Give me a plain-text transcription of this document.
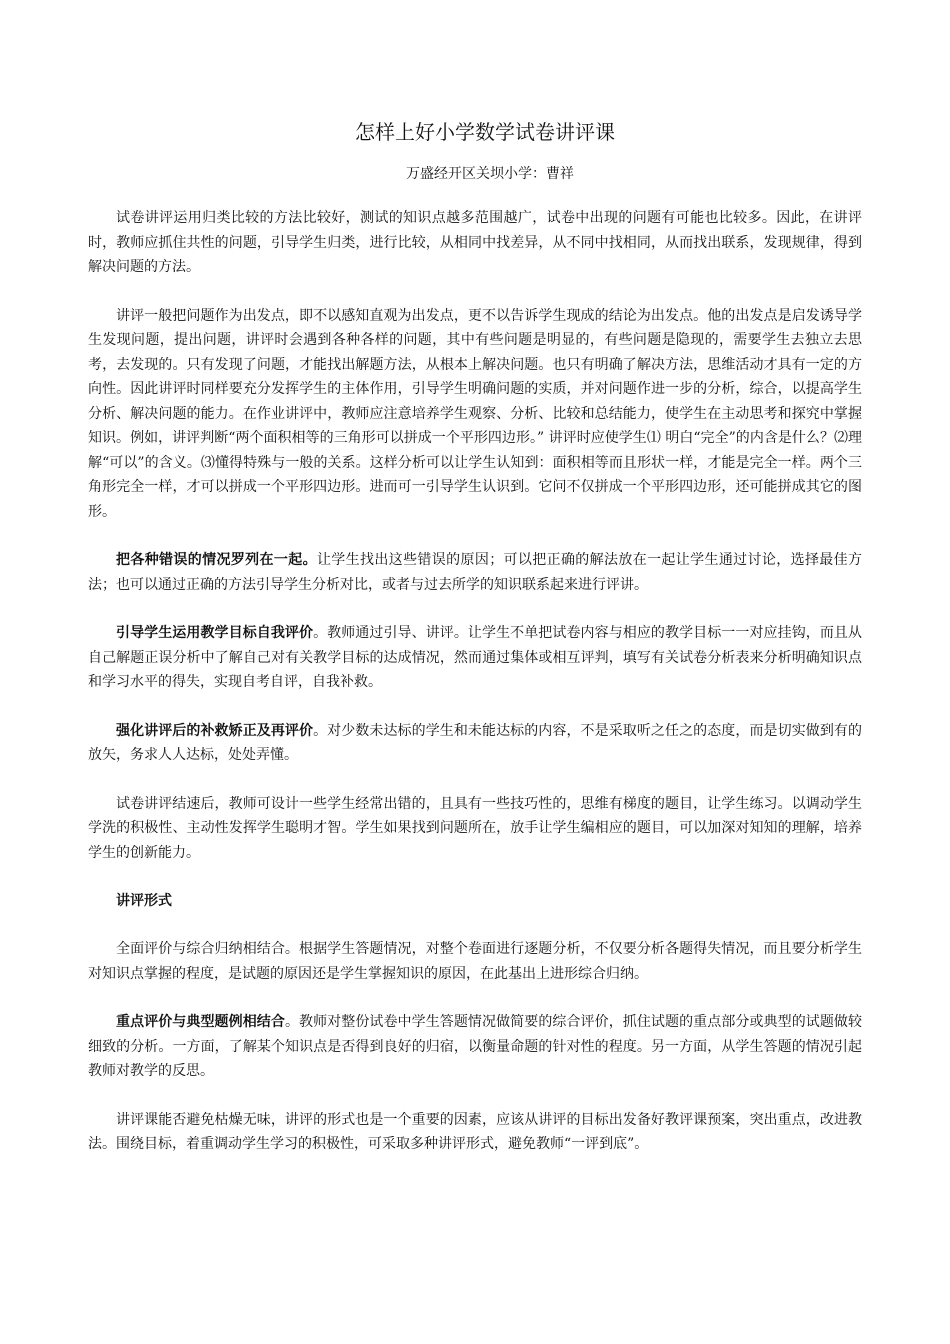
怎样上好小学数学试卷讲评课
万盛经开区关坝小学：曹祥

试卷讲评运用归类比较的方法比较好，测试的知识点越多范围越广，试卷中出现的问题有可能也比较多。因此，在讲评时，教师应抓住共性的问题，引导学生归类，进行比较，从相同中找差异，从不同中找相同，从而找出联系，发现规律，得到解决问题的方法。

讲评一般把问题作为出发点，即不以感知直观为出发点，更不以告诉学生现成的结论为出发点。他的出发点是启发诱导学生发现问题，提出问题，讲评时会遇到各种各样的问题，其中有些问题是明显的，有些问题是隐现的，需要学生去独立去思考，去发现的。只有发现了问题，才能找出解题方法，从根本上解决问题。也只有明确了解决方法，思维活动才具有一定的方向性。因此讲评时同样要充分发挥学生的主体作用，引导学生明确问题的实质，并对问题作进一步的分析，综合，以提高学生分析、解决问题的能力。在作业讲评中，教师应注意培养学生观察、分析、比较和总结能力，使学生在主动思考和探究中掌握知识。例如，讲评判断“两个面积相等的三角形可以拼成一个平形四边形。” 讲评时应使学生⑴ 明白“完全”的内含是什么？⑵理解“可以”的含义。⑶懂得特殊与一般的关系。这样分析可以让学生认知到：面积相等而且形状一样，才能是完全一样。两个三角形完全一样，才可以拼成一个平形四边形。进而可一引导学生认识到。它问不仅拼成一个平形四边形，还可能拼成其它的图形。

把各种错误的情况罗列在一起。让学生找出这些错误的原因；可以把正确的解法放在一起让学生通过讨论，选择最佳方法；也可以通过正确的方法引导学生分析对比，或者与过去所学的知识联系起来进行评讲。

引导学生运用教学目标自我评价。教师通过引导、讲评。让学生不单把试卷内容与相应的教学目标一一对应挂钩，而且从自己解题正误分析中了解自己对有关教学目标的达成情况，然而通过集体或相互评判，填写有关试卷分析表来分析明确知识点和学习水平的得失，实现自考自评，自我补救。

强化讲评后的补救矫正及再评价。对少数未达标的学生和未能达标的内容，不是采取听之任之的态度，而是切实做到有的放矢，务求人人达标，处处弄懂。

试卷讲评结速后，教师可设计一些学生经常出错的，且具有一些技巧性的，思维有梯度的题目，让学生练习。以调动学生学洗的积极性、主动性发挥学生聪明才智。学生如果找到问题所在，放手让学生编相应的题目，可以加深对知知的理解，培养学生的创新能力。

讲评形式

全面评价与综合归纳相结合。根据学生答题情况，对整个卷面进行逐题分析，不仅要分析各题得失情况，而且要分析学生对知识点掌握的程度，是试题的原因还是学生掌握知识的原因，在此基出上进形综合归纳。

重点评价与典型题例相结合。教师对整份试卷中学生答题情况做简要的综合评价，抓住试题的重点部分或典型的试题做较细致的分析。一方面，了解某个知识点是否得到良好的归宿，以衡量命题的针对性的程度。另一方面，从学生答题的情况引起教师对教学的反思。

讲评课能否避免枯燥无味，讲评的形式也是一个重要的因素，应该从讲评的目标出发备好教评课预案，突出重点，改进教法。围绕目标，着重调动学生学习的积极性，可采取多种讲评形式，避免教师“一评到底”。
